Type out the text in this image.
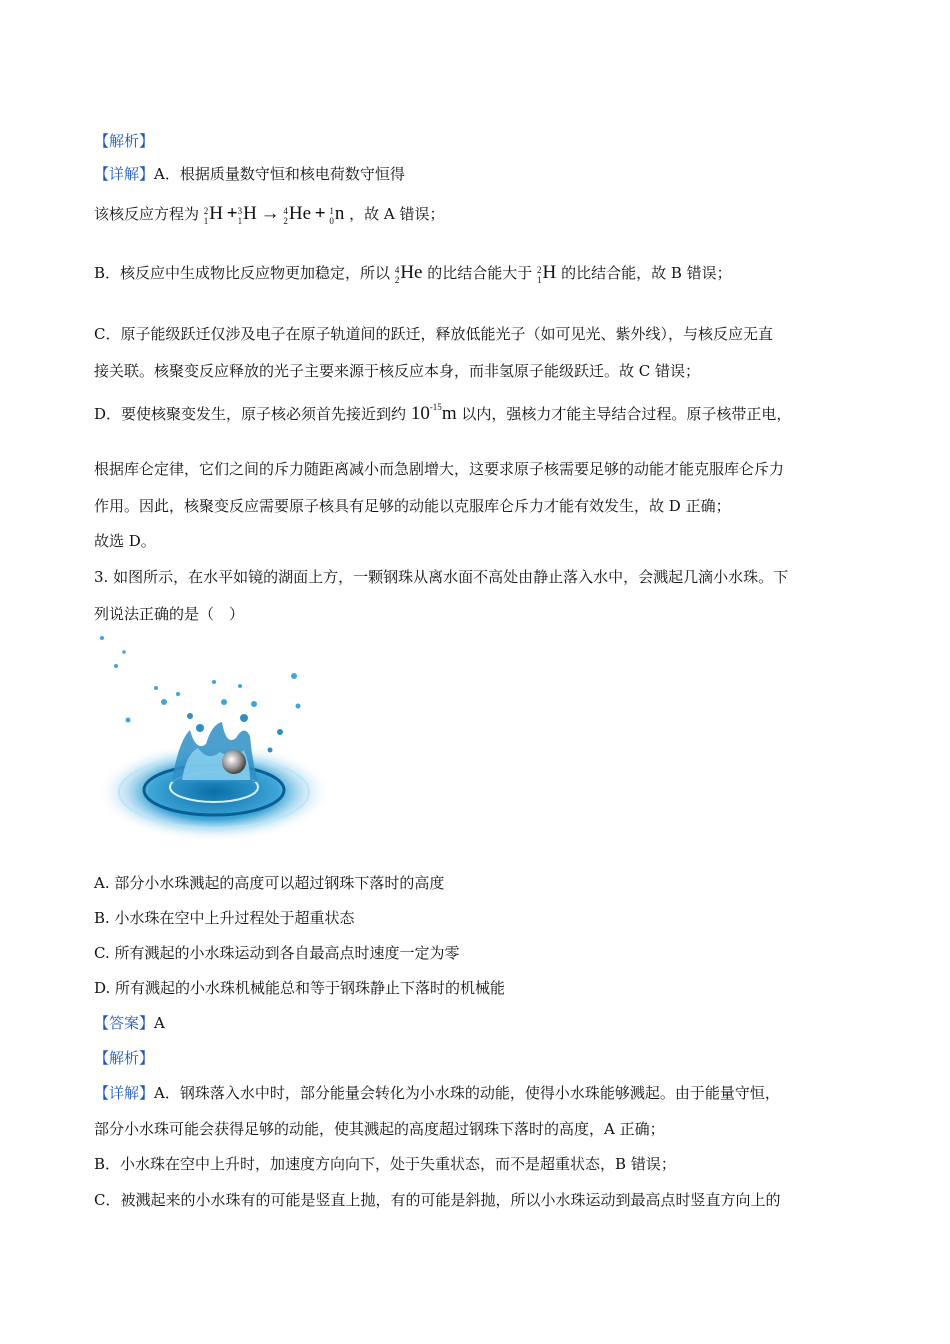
【解析】
【详解】A．根据质量数守恒和核电荷数守恒得
该核反应方程为 2
1 H + 3
1 H → 4
2 He + 1
0 n ，故 A 错误；
B．核反应中生成物比反应物更加稳定，所以 4
2 He 的比结合能大于 2
1 H 的比结合能，故 B 错误；
C．原子能级跃迁仅涉及电子在原子轨道间的跃迁，释放低能光子（如可见光、紫外线），与核反应无直
接关联。核聚变反应释放的光子主要来源于核反应本身，而非氢原子能级跃迁。故 C 错误；
D．要使核聚变发生，原子核必须首先接近到约 $10^{-15}m$ 以内，强核力才能主导结合过程。原子核带正电，
根据库仑定律，它们之间的斥力随距离减小而急剧增大，这要求原子核需要足够的动能才能克服库仑斥力
作用。因此，核聚变反应需要原子核具有足够的动能以克服库仑斥力才能有效发生，故 D 正确；
故选 D。
3. 如图所示，在水平如镜的湖面上方，一颗钢珠从离水面不高处由静止落入水中，会溅起几滴小水珠。下
列说法正确的是（　）
A. 部分小水珠溅起的高度可以超过钢珠下落时的高度
B. 小水珠在空中上升过程处于超重状态
C. 所有溅起的小水珠运动到各自最高点时速度一定为零
D. 所有溅起的小水珠机械能总和等于钢珠静止下落时的机械能
【答案】A
【解析】
【详解】A．钢珠落入水中时，部分能量会转化为小水珠的动能，使得小水珠能够溅起。由于能量守恒，
部分小水珠可能会获得足够的动能，使其溅起的高度超过钢珠下落时的高度，A 正确；
B．小水珠在空中上升时，加速度方向向下，处于失重状态，而不是超重状态，B 错误；
C．被溅起来的小水珠有的可能是竖直上抛，有的可能是斜抛，所以小水珠运动到最高点时竖直方向上的
